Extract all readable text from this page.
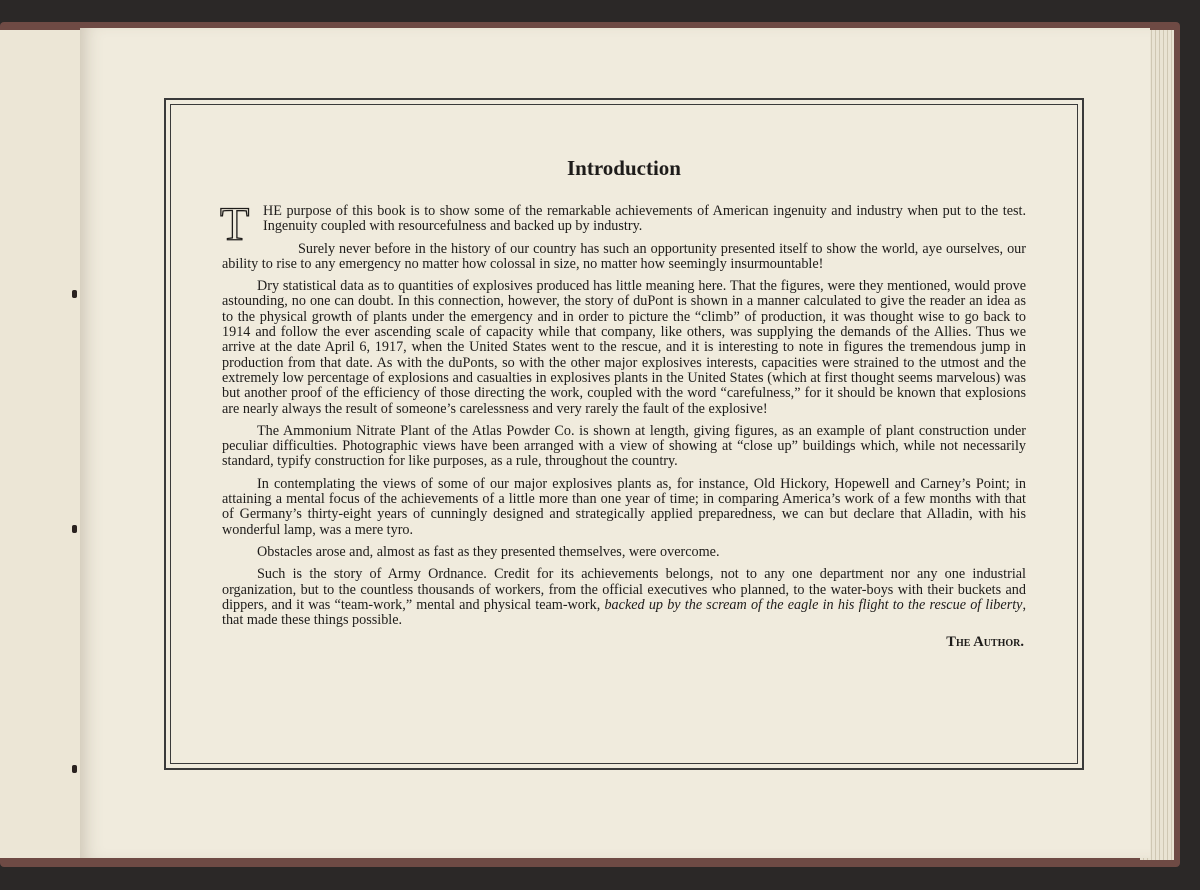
Introduction

THE purpose of this book is to show some of the remarkable achievements of American ingenuity and industry when put to the test. Ingenuity coupled with resourcefulness and backed up by industry.

Surely never before in the history of our country has such an opportunity presented itself to show the world, aye ourselves, our ability to rise to any emergency no matter how colossal in size, no matter how seemingly insurmountable!

Dry statistical data as to quantities of explosives produced has little meaning here. That the figures, were they mentioned, would prove astounding, no one can doubt. In this connection, however, the story of duPont is shown in a manner calculated to give the reader an idea as to the physical growth of plants under the emergency and in order to picture the “climb” of production, it was thought wise to go back to 1914 and follow the ever ascending scale of capacity while that company, like others, was supplying the demands of the Allies. Thus we arrive at the date April 6, 1917, when the United States went to the rescue, and it is interesting to note in figures the tremendous jump in production from that date. As with the duPonts, so with the other major explosives interests, capacities were strained to the utmost and the extremely low percentage of explosions and casualties in explosives plants in the United States (which at first thought seems marvelous) was but another proof of the efficiency of those directing the work, coupled with the word “carefulness,” for it should be known that explosions are nearly always the result of someone’s carelessness and very rarely the fault of the explosive!

The Ammonium Nitrate Plant of the Atlas Powder Co. is shown at length, giving figures, as an example of plant construction under peculiar difficulties. Photographic views have been arranged with a view of showing at “close up” buildings which, while not necessarily standard, typify construction for like purposes, as a rule, throughout the country.

In contemplating the views of some of our major explosives plants as, for instance, Old Hickory, Hopewell and Carney’s Point; in attaining a mental focus of the achievements of a little more than one year of time; in comparing America’s work of a few months with that of Germany’s thirty-eight years of cunningly designed and strategically applied preparedness, we can but declare that Alladin, with his wonderful lamp, was a mere tyro.

Obstacles arose and, almost as fast as they presented themselves, were overcome.

Such is the story of Army Ordnance. Credit for its achievements belongs, not to any one department nor any one industrial organization, but to the countless thousands of workers, from the official executives who planned, to the water-boys with their buckets and dippers, and it was “team-work,” mental and physical team-work, backed up by the scream of the eagle in his flight to the rescue of liberty, that made these things possible.

The Author.
